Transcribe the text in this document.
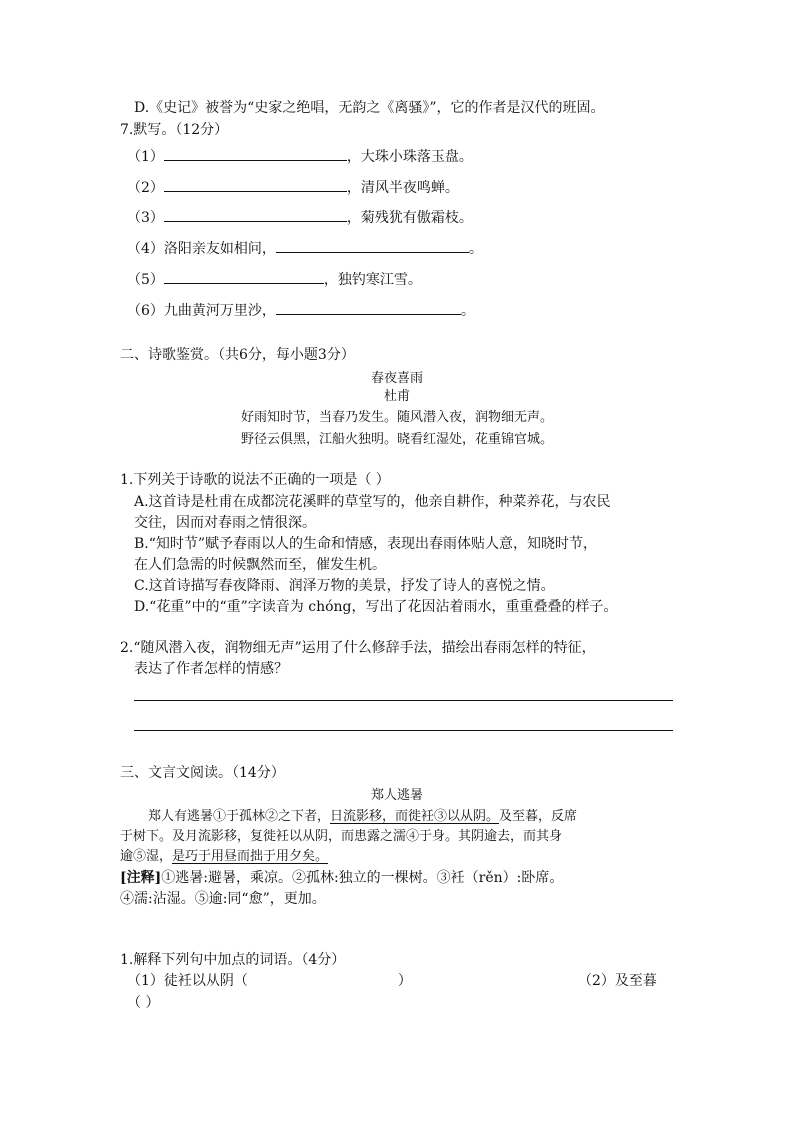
D.《史记》被誉为“史家之绝唱，无韵之《离骚》”，它的作者是汉代的班固。
7.默写。（12分）
（1）	，大珠小珠落玉盘。
（2）	，清风半夜鸣蝉。
（3）	，菊残犹有傲霜枝。
（4）洛阳亲友如相问，	。
（5）	，独钓寒江雪。
（6）九曲黄河万里沙，	。
二、诗歌鉴赏。（共6分，每小题3分）
春夜喜雨
杜甫
好雨知时节，当春乃发生。随风潜入夜，润物细无声。
野径云俱黑，江船火独明。晓看红湿处，花重锦官城。
1.下列关于诗歌的说法不正确的一项是（ ）
A.这首诗是杜甫在成都浣花溪畔的草堂写的，他亲自耕作，种菜养花，与农民
交往，因而对春雨之情很深。
B.“知时节”赋予春雨以人的生命和情感，表现出春雨体贴人意，知晓时节，
在人们急需的时候飘然而至，催发生机。
C.这首诗描写春夜降雨、润泽万物的美景，抒发了诗人的喜悦之情。
D.“花重”中的“重”字读音为 chóng，写出了花因沾着雨水，重重叠叠的样子。
2.“随风潜入夜，润物细无声”运用了什么修辞手法，描绘出春雨怎样的特征，
表达了作者怎样的情感？
三、文言文阅读。（14分）
郑人逃暑
郑人有逃暑①于孤林②之下者，日流影移，而徙衽③以从阴。及至暮，反席
于树下。及月流影移，复徙衽以从阴，而患露之濡④于身。其阴逾去，而其身
逾⑤湿，是巧于用昼而拙于用夕矣。
[注释]①逃暑:避暑，乘凉。②孤林:独立的一棵树。③衽（rěn）:卧席。
④濡:沾湿。⑤逾:同“愈”，更加。
1.解释下列句中加点的词语。（4分）
（1）徒衽以从阴（	）	（2）及至暮
（ ）
